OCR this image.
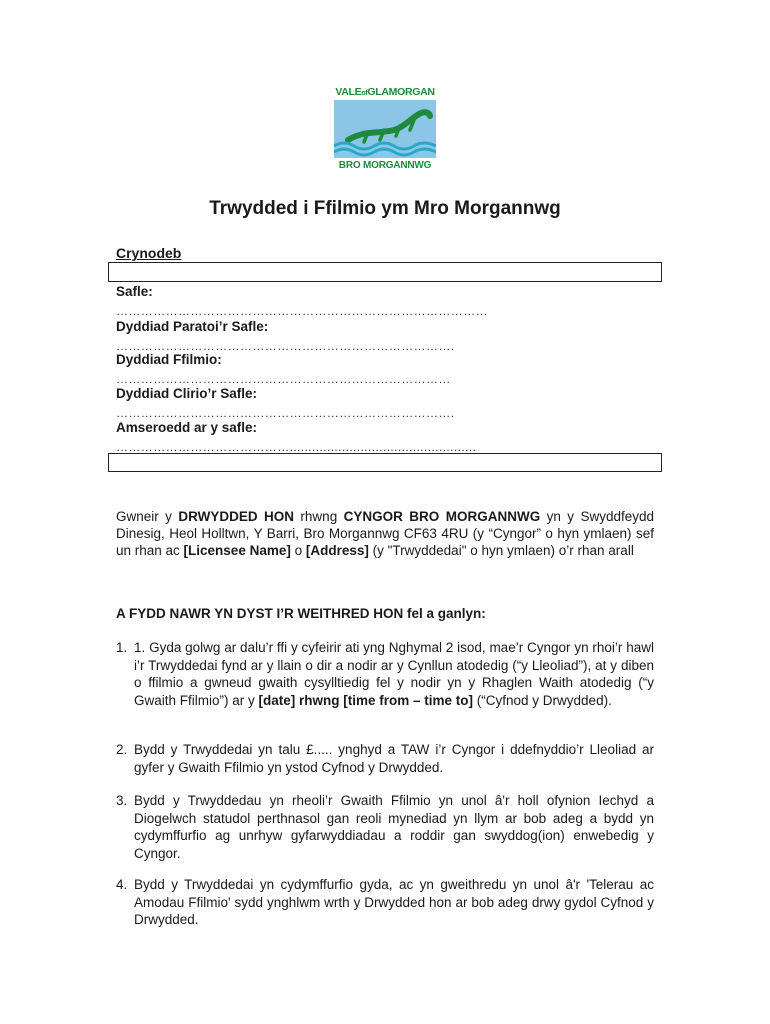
VALEofGLAMORGAN
BRO MORGANNWG
Trwydded i Ffilmio ym Mro Morgannwg
Crynodeb
Safle:
………………………………………………………………………………
Dyddiad Paratoi’r Safle:
……………………………………………………………………….
Dyddiad Ffilmio:
………………………………………………………………………
Dyddiad Clirio’r Safle:
……………………………………………………………………….
Amseroedd ar y safle:
……………………………………..................................................
Gwneir y DRWYDDED HON rhwng CYNGOR BRO MORGANNWG yn y Swyddfeydd Dinesig, Heol Holltwn, Y Barri, Bro Morgannwg CF63 4RU (y “Cyngor” o hyn ymlaen) sef un rhan ac [Licensee Name] o [Address] (y "Trwyddedai" o hyn ymlaen) o’r rhan arall
A FYDD NAWR YN DYST I’R WEITHRED HON fel a ganlyn:
1. 1. Gyda golwg ar dalu’r ffi y cyfeirir ati yng Nghymal 2 isod, mae’r Cyngor yn rhoi’r hawl i’r Trwyddedai fynd ar y llain o dir a nodir ar y Cynllun atodedig (“y Lleoliad”), at y diben o ffilmio a gwneud gwaith cysylltiedig fel y nodir yn y Rhaglen Waith atodedig (“y Gwaith Ffilmio”) ar y [date] rhwng [time from – time to] (“Cyfnod y Drwydded).
2. Bydd y Trwyddedai yn talu £..... ynghyd a TAW i’r Cyngor i ddefnyddio’r Lleoliad ar gyfer y Gwaith Ffilmio yn ystod Cyfnod y Drwydded.
3. Bydd y Trwyddedau yn rheoli’r Gwaith Ffilmio yn unol â'r holl ofynion Iechyd a Diogelwch statudol perthnasol gan reoli mynediad yn llym ar bob adeg a bydd yn cydymffurfio ag unrhyw gyfarwyddiadau a roddir gan swyddog(ion) enwebedig y Cyngor.
4. Bydd y Trwyddedai yn cydymffurfio gyda, ac yn gweithredu yn unol â'r 'Telerau ac Amodau Ffilmio' sydd ynghlwm wrth y Drwydded hon ar bob adeg drwy gydol Cyfnod y Drwydded.
